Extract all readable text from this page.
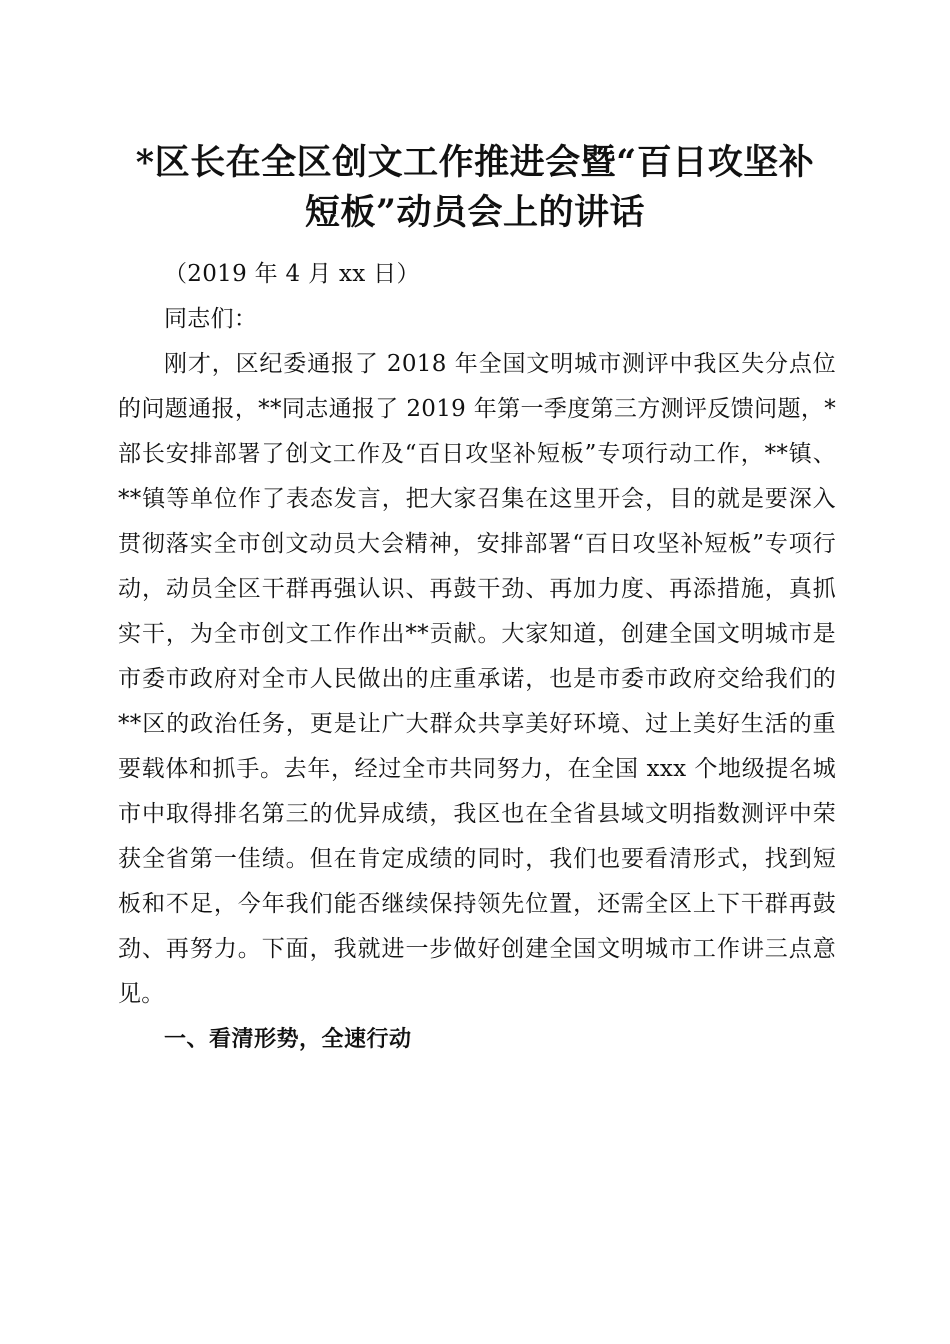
*区长在全区创文工作推进会暨“百日攻坚补
短板”动员会上的讲话

（2019 年 4 月 xx 日）

同志们：

刚才，区纪委通报了 2018 年全国文明城市测评中我区失分点位的问题通报，**同志通报了 2019 年第一季度第三方测评反馈问题，*部长安排部署了创文工作及“百日攻坚补短板”专项行动工作，**镇、**镇等单位作了表态发言，把大家召集在这里开会，目的就是要深入贯彻落实全市创文动员大会精神，安排部署“百日攻坚补短板”专项行动，动员全区干群再强认识、再鼓干劲、再加力度、再添措施，真抓实干，为全市创文工作作出**贡献。大家知道，创建全国文明城市是市委市政府对全市人民做出的庄重承诺，也是市委市政府交给我们的**区的政治任务，更是让广大群众共享美好环境、过上美好生活的重要载体和抓手。去年，经过全市共同努力，在全国 xxx 个地级提名城市中取得排名第三的优异成绩，我区也在全省县域文明指数测评中荣获全省第一佳绩。但在肯定成绩的同时，我们也要看清形式，找到短板和不足，今年我们能否继续保持领先位置，还需全区上下干群再鼓劲、再努力。下面，我就进一步做好创建全国文明城市工作讲三点意见。

一、看清形势，全速行动
